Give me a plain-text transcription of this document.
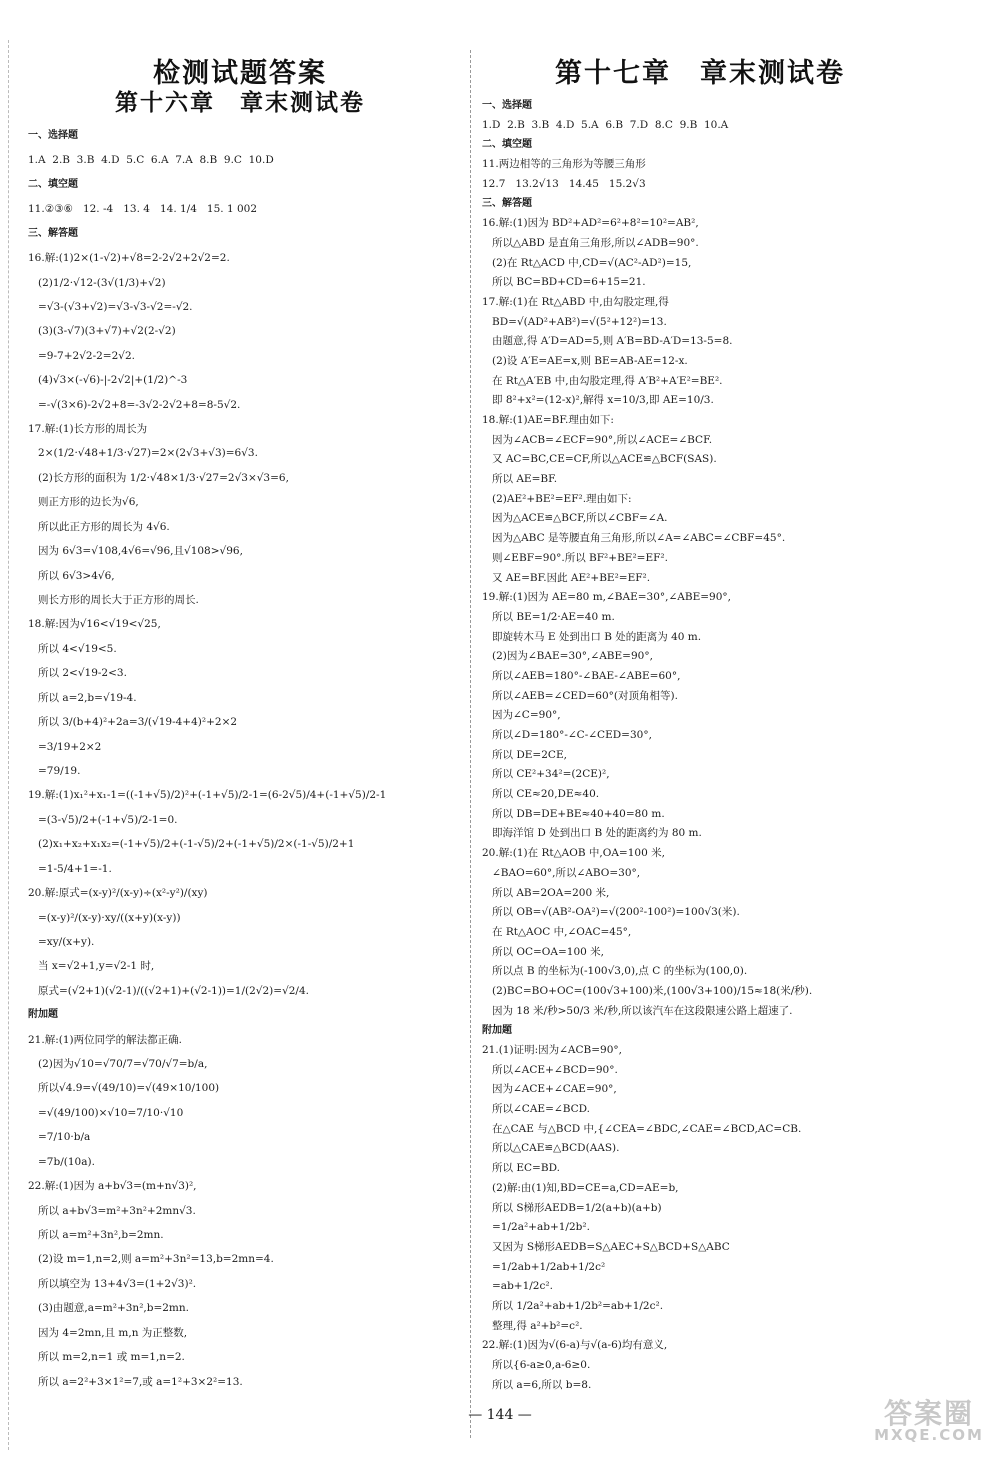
检测试题答案
第十六章　章末测试卷
第十七章　章末测试卷
一、选择题
1.A  2.B  3.B  4.D  5.C  6.A  7.A  8.B  9.C  10.D
二、填空题
11.②③⑥   12. -4   13. 4   14. 1/4   15. 1 002
三、解答题
16.解:(1)2×(1-√2)+√8=2-2√2+2√2=2.
(2)1/2·√12-(3√(1/3)+√2)
=√3-(√3+√2)=√3-√3-√2=-√2.
(3)(3-√7)(3+√7)+√2(2-√2)
=9-7+2√2-2=2√2.
(4)√3×(-√6)-|-2√2|+(1/2)^-3
=-√(3×6)-2√2+8=-3√2-2√2+8=8-5√2.
17.解:(1)长方形的周长为
2×(1/2·√48+1/3·√27)=2×(2√3+√3)=6√3.
(2)长方形的面积为 1/2·√48×1/3·√27=2√3×√3=6,
则正方形的边长为√6,
所以此正方形的周长为 4√6.
因为 6√3=√108,4√6=√96,且√108>√96,
所以 6√3>4√6,
则长方形的周长大于正方形的周长.
18.解:因为√16<√19<√25,
所以 4<√19<5.
所以 2<√19-2<3.
所以 a=2,b=√19-4.
所以 3/(b+4)²+2a=3/(√19-4+4)²+2×2
=3/19+2×2
=79/19.
19.解:(1)x₁²+x₁-1=((-1+√5)/2)²+(-1+√5)/2-1=(6-2√5)/4+(-1+√5)/2-1
=(3-√5)/2+(-1+√5)/2-1=0.
(2)x₁+x₂+x₁x₂=(-1+√5)/2+(-1-√5)/2+(-1+√5)/2×(-1-√5)/2+1
=1-5/4+1=-1.
20.解:原式=(x-y)²/(x-y)÷(x²-y²)/(xy)
=(x-y)²/(x-y)·xy/((x+y)(x-y))
=xy/(x+y).
当 x=√2+1,y=√2-1 时,
原式=(√2+1)(√2-1)/((√2+1)+(√2-1))=1/(2√2)=√2/4.
附加题
21.解:(1)两位同学的解法都正确.
(2)因为√10=√70/7=√70/√7=b/a,
所以√4.9=√(49/10)=√(49×10/100)
=√(49/100)×√10=7/10·√10
=7/10·b/a
=7b/(10a).
22.解:(1)因为 a+b√3=(m+n√3)²,
所以 a+b√3=m²+3n²+2mn√3.
所以 a=m²+3n²,b=2mn.
(2)设 m=1,n=2,则 a=m²+3n²=13,b=2mn=4.
所以填空为 13+4√3=(1+2√3)².
(3)由题意,a=m²+3n²,b=2mn.
因为 4=2mn,且 m,n 为正整数,
所以 m=2,n=1 或 m=1,n=2.
所以 a=2²+3×1²=7,或 a=1²+3×2²=13.
一、选择题
1.D  2.B  3.B  4.D  5.A  6.B  7.D  8.C  9.B  10.A
二、填空题
11.两边相等的三角形为等腰三角形
12.7   13.2√13   14.45   15.2√3
三、解答题
16.解:(1)因为 BD²+AD²=6²+8²=10²=AB²,
所以△ABD 是直角三角形,所以∠ADB=90°.
(2)在 Rt△ACD 中,CD=√(AC²-AD²)=15,
所以 BC=BD+CD=6+15=21.
17.解:(1)在 Rt△ABD 中,由勾股定理,得
BD=√(AD²+AB²)=√(5²+12²)=13.
由题意,得 A′D=AD=5,则 A′B=BD-A′D=13-5=8.
(2)设 A′E=AE=x,则 BE=AB-AE=12-x.
在 Rt△A′EB 中,由勾股定理,得 A′B²+A′E²=BE².
即 8²+x²=(12-x)²,解得 x=10/3,即 AE=10/3.
18.解:(1)AE=BF.理由如下:
因为∠ACB=∠ECF=90°,所以∠ACE=∠BCF.
又 AC=BC,CE=CF,所以△ACE≌△BCF(SAS).
所以 AE=BF.
(2)AE²+BE²=EF².理由如下:
因为△ACE≌△BCF,所以∠CBF=∠A.
因为△ABC 是等腰直角三角形,所以∠A=∠ABC=∠CBF=45°.
则∠EBF=90°.所以 BF²+BE²=EF².
又 AE=BF.因此 AE²+BE²=EF².
19.解:(1)因为 AE=80 m,∠BAE=30°,∠ABE=90°,
所以 BE=1/2·AE=40 m.
即旋转木马 E 处到出口 B 处的距离为 40 m.
(2)因为∠BAE=30°,∠ABE=90°,
所以∠AEB=180°-∠BAE-∠ABE=60°,
所以∠AEB=∠CED=60°(对顶角相等).
因为∠C=90°,
所以∠D=180°-∠C-∠CED=30°,
所以 DE=2CE,
所以 CE²+34²=(2CE)²,
所以 CE≈20,DE≈40.
所以 DB=DE+BE≈40+40=80 m.
即海洋馆 D 处到出口 B 处的距离约为 80 m.
20.解:(1)在 Rt△AOB 中,OA=100 米,
∠BAO=60°,所以∠ABO=30°,
所以 AB=2OA=200 米,
所以 OB=√(AB²-OA²)=√(200²-100²)=100√3(米).
在 Rt△AOC 中,∠OAC=45°,
所以 OC=OA=100 米,
所以点 B 的坐标为(-100√3,0),点 C 的坐标为(100,0).
(2)BC=BO+OC=(100√3+100)米,(100√3+100)/15≈18(米/秒).
因为 18 米/秒>50/3 米/秒,所以该汽车在这段限速公路上超速了.
附加题
21.(1)证明:因为∠ACB=90°,
所以∠ACE+∠BCD=90°.
因为∠ACE+∠CAE=90°,
所以∠CAE=∠BCD.
在△CAE 与△BCD 中,{∠CEA=∠BDC,∠CAE=∠BCD,AC=CB.
所以△CAE≌△BCD(AAS).
所以 EC=BD.
(2)解:由(1)知,BD=CE=a,CD=AE=b,
所以 S梯形AEDB=1/2(a+b)(a+b)
=1/2a²+ab+1/2b².
又因为 S梯形AEDB=S△AEC+S△BCD+S△ABC
=1/2ab+1/2ab+1/2c²
=ab+1/2c².
所以 1/2a²+ab+1/2b²=ab+1/2c².
整理,得 a²+b²=c².
22.解:(1)因为√(6-a)与√(a-6)均有意义,
所以{6-a≥0,a-6≥0.
所以 a=6,所以 b=8.
— 144 —	答案圈
MXQE.COM
